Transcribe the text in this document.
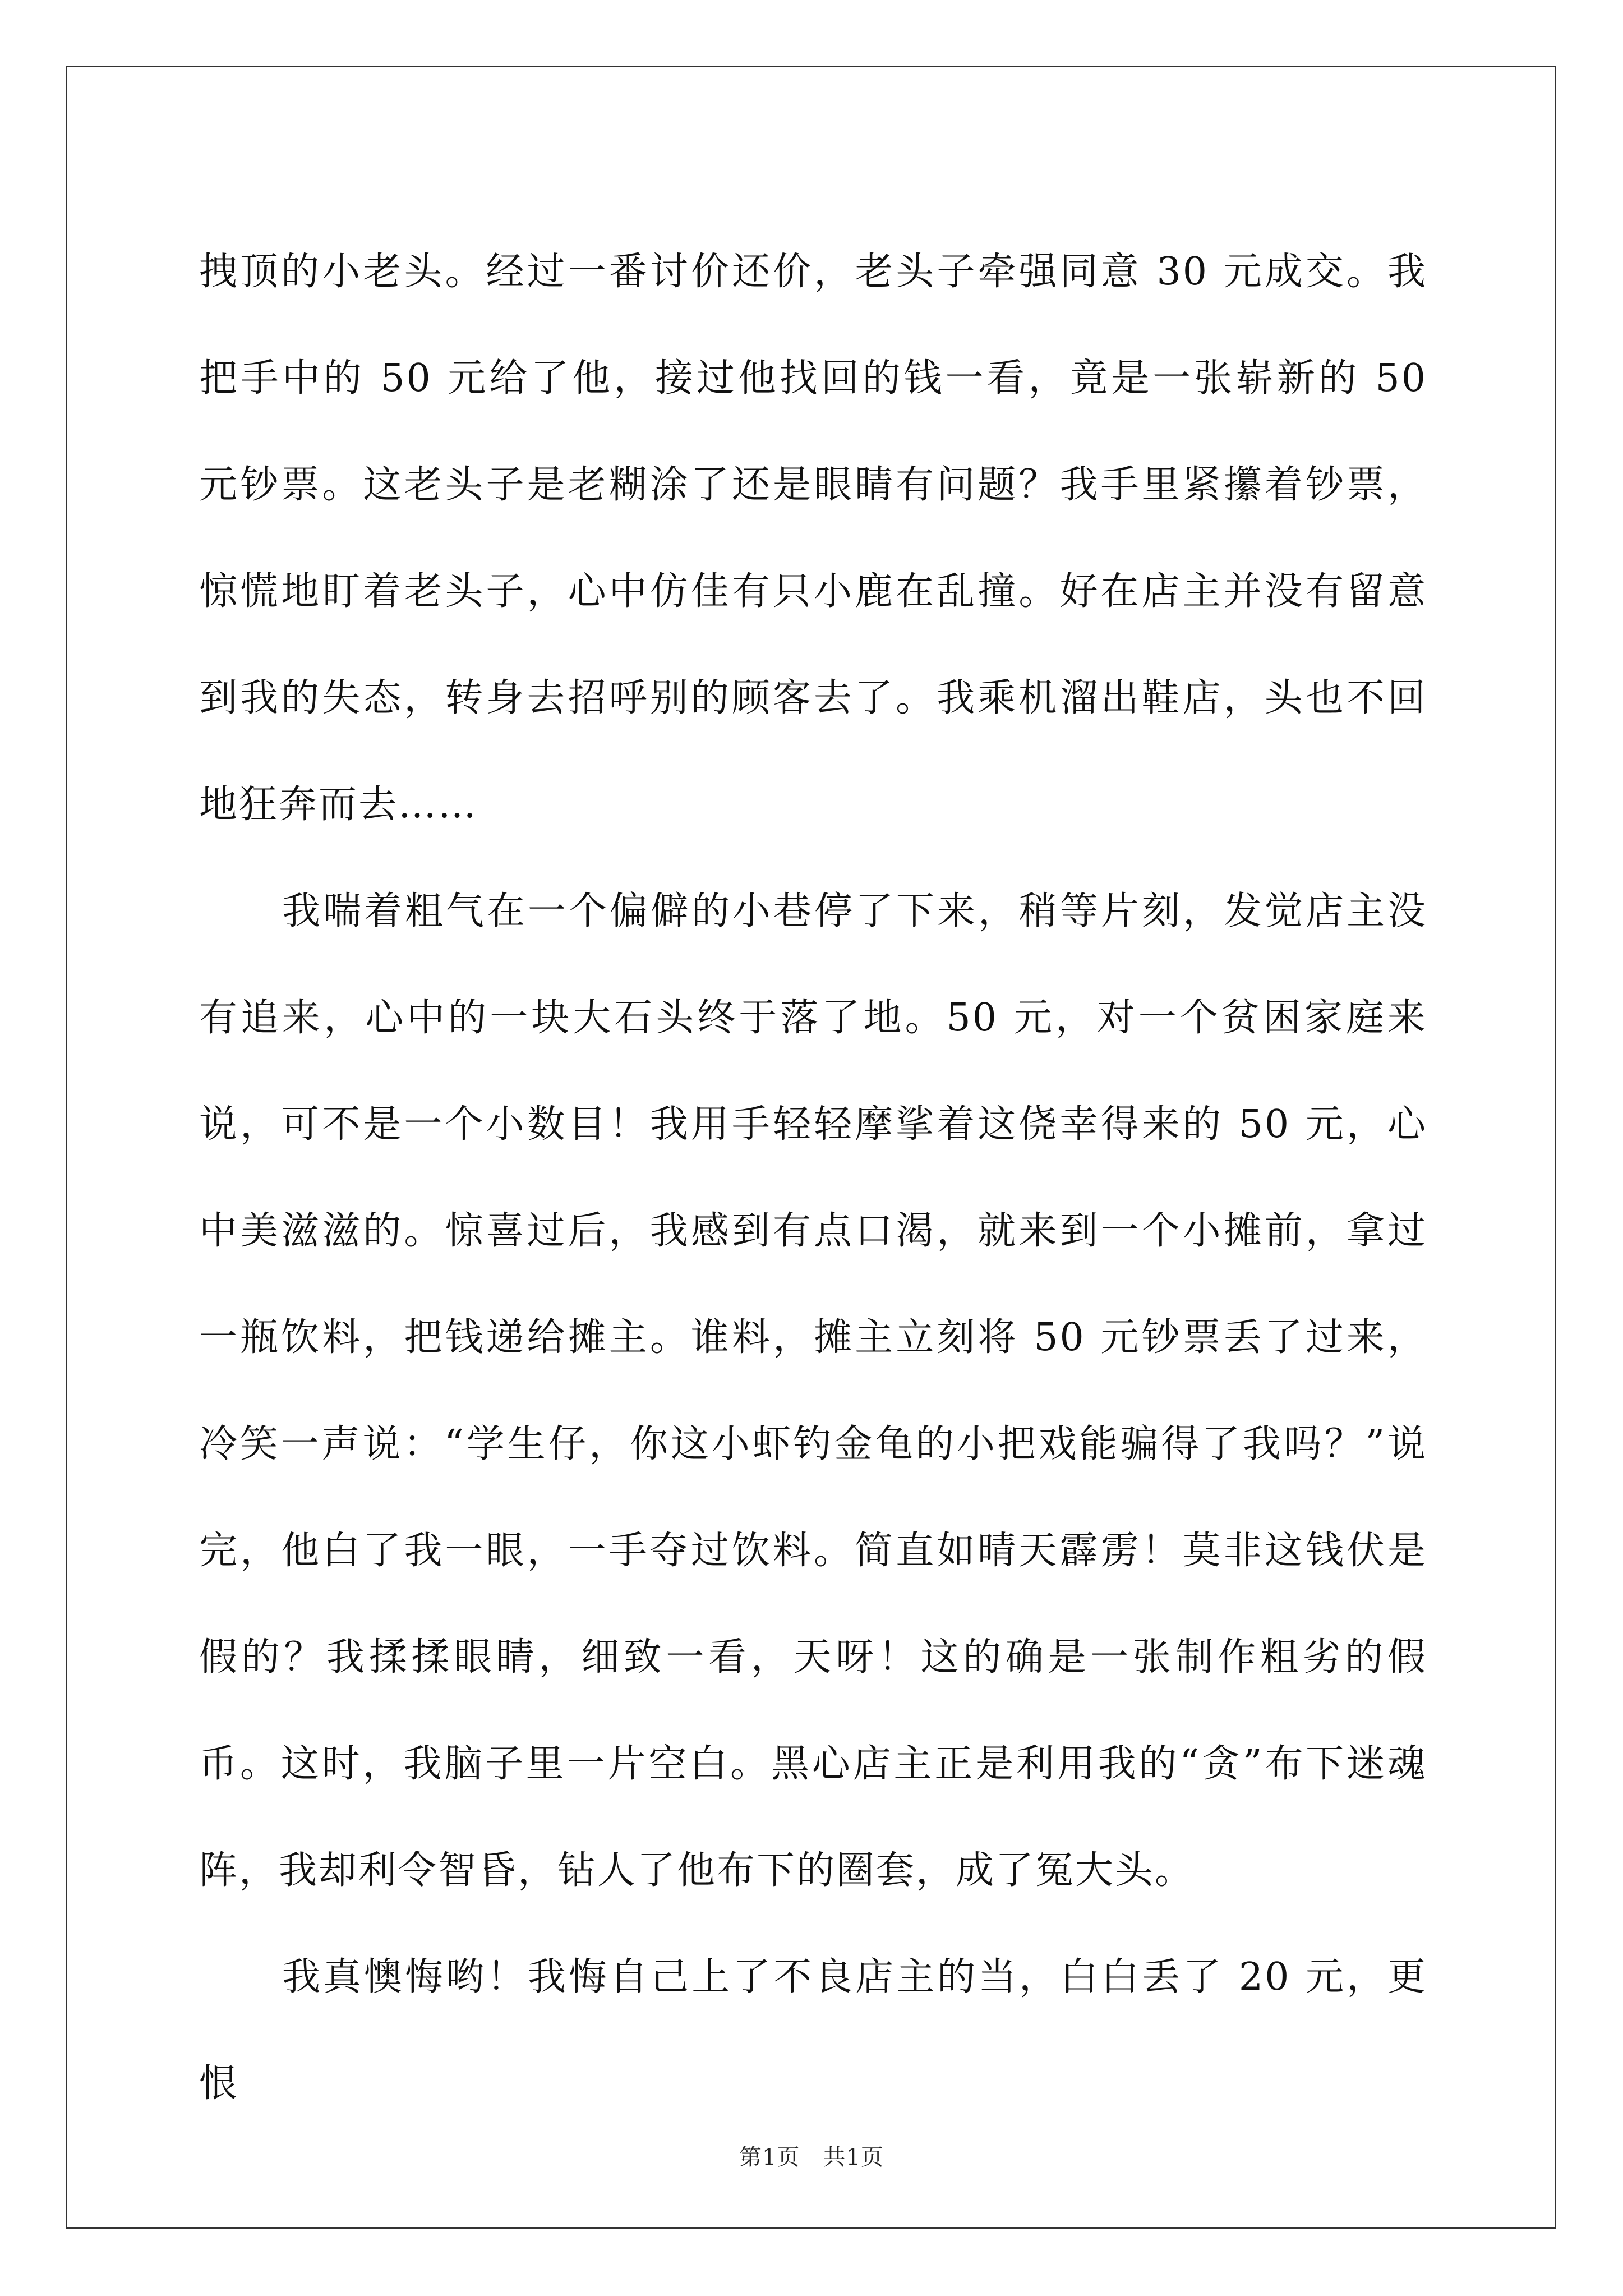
拽顶的小老头。经过一番讨价还价，老头子牵强同意 30 元成交。我把手中的 50 元给了他，接过他找回的钱一看，竟是一张崭新的 50 元钞票。这老头子是老糊涂了还是眼睛有问题？我手里紧攥着钞票，惊慌地盯着老头子，心中仿佳有只小鹿在乱撞。好在店主并没有留意到我的失态，转身去招呼别的顾客去了。我乘机溜出鞋店，头也不回地狂奔而去……

我喘着粗气在一个偏僻的小巷停了下来，稍等片刻，发觉店主没有追来，心中的一块大石头终于落了地。50 元，对一个贫困家庭来说，可不是一个小数目！我用手轻轻摩挲着这侥幸得来的 50 元，心中美滋滋的。惊喜过后，我感到有点口渴，就来到一个小摊前，拿过一瓶饮料，把钱递给摊主。谁料，摊主立刻将 50 元钞票丢了过来，冷笑一声说：“学生仔，你这小虾钓金龟的小把戏能骗得了我吗？”说完，他白了我一眼，一手夺过饮料。简直如晴天霹雳！莫非这钱伏是假的？我揉揉眼睛，细致一看，天呀！这的确是一张制作粗劣的假币。这时，我脑子里一片空白。黑心店主正是利用我的“贪”布下迷魂阵，我却利令智昏，钻人了他布下的圈套，成了冤大头。

我真懊悔哟！我悔自己上了不良店主的当，白白丢了 20 元，更恨

第1页　共1页
